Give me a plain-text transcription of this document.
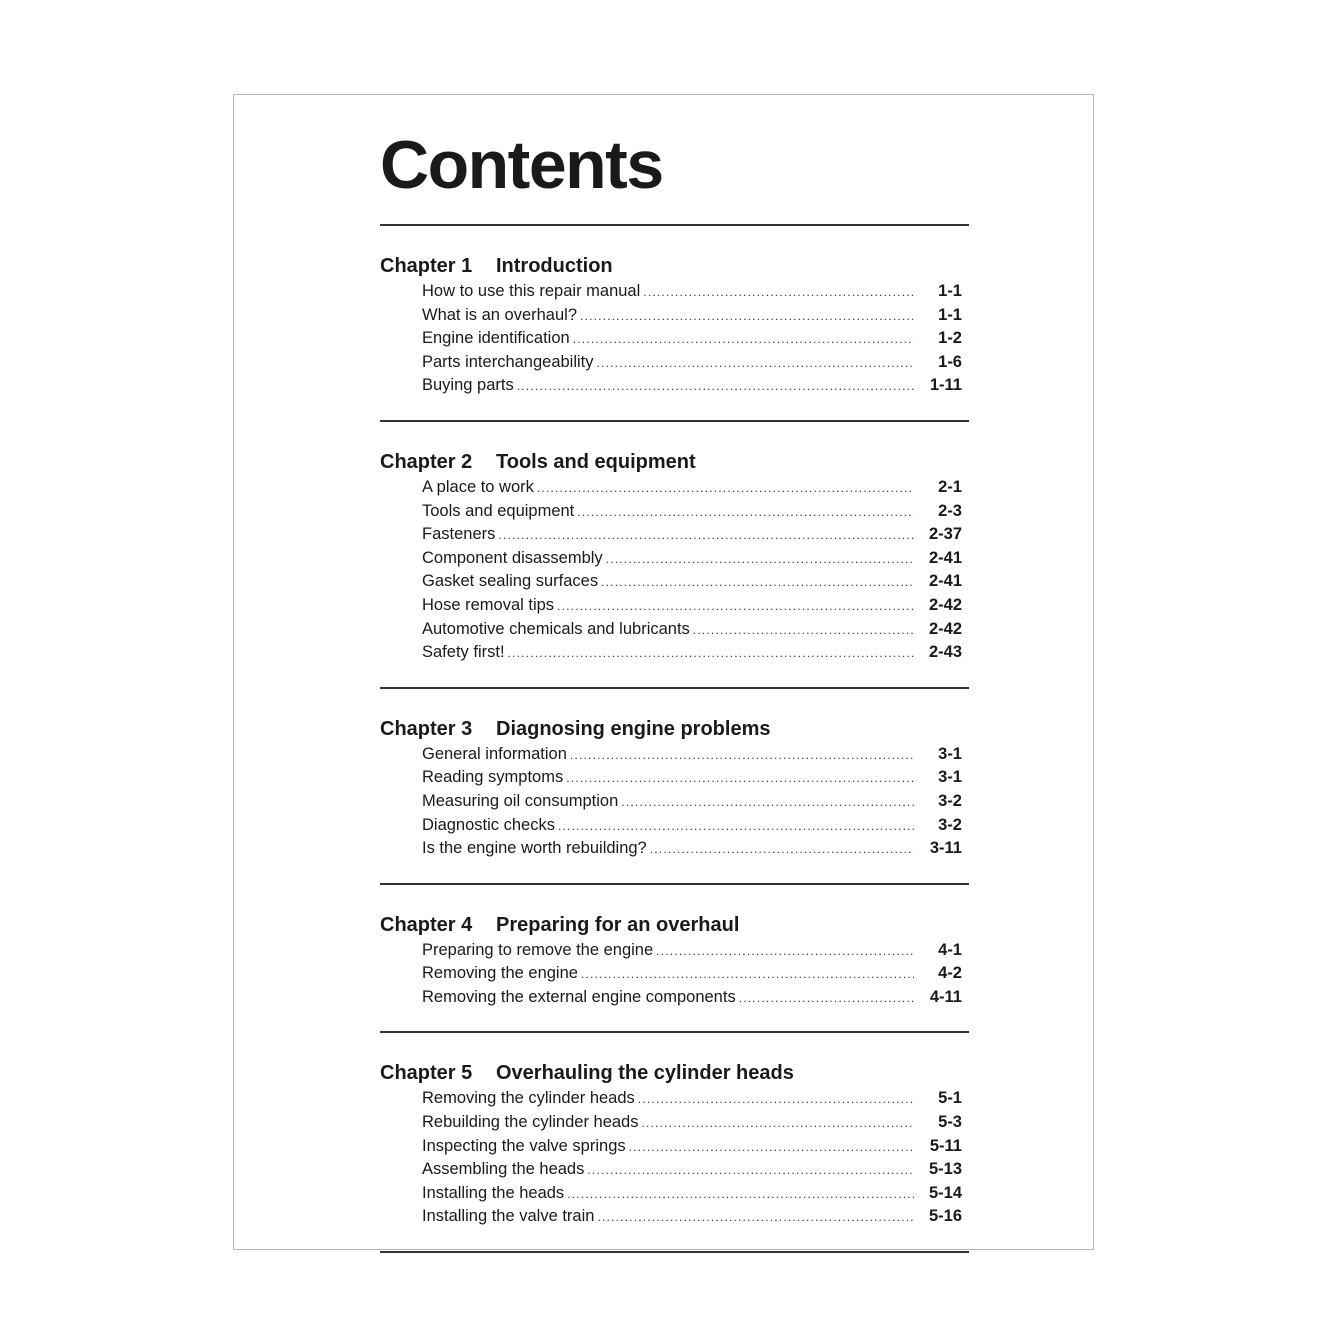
Contents
Chapter 1 Introduction
How to use this repair manual .....	1-1
What is an overhaul? .....	1-1
Engine identification .....	1-2
Parts interchangeability .....	1-6
Buying parts .....	1-11
Chapter 2 Tools and equipment
A place to work .....	2-1
Tools and equipment .....	2-3
Fasteners .....	2-37
Component disassembly .....	2-41
Gasket sealing surfaces .....	2-41
Hose removal tips .....	2-42
Automotive chemicals and lubricants .....	2-42
Safety first! .....	2-43
Chapter 3 Diagnosing engine problems
General information .....	3-1
Reading symptoms .....	3-1
Measuring oil consumption .....	3-2
Diagnostic checks .....	3-2
Is the engine worth rebuilding? .....	3-11
Chapter 4 Preparing for an overhaul
Preparing to remove the engine .....	4-1
Removing the engine .....	4-2
Removing the external engine components .....	4-11
Chapter 5 Overhauling the cylinder heads
Removing the cylinder heads .....	5-1
Rebuilding the cylinder heads .....	5-3
Inspecting the valve springs .....	5-11
Assembling the heads .....	5-13
Installing the heads .....	5-14
Installing the valve train .....	5-16
